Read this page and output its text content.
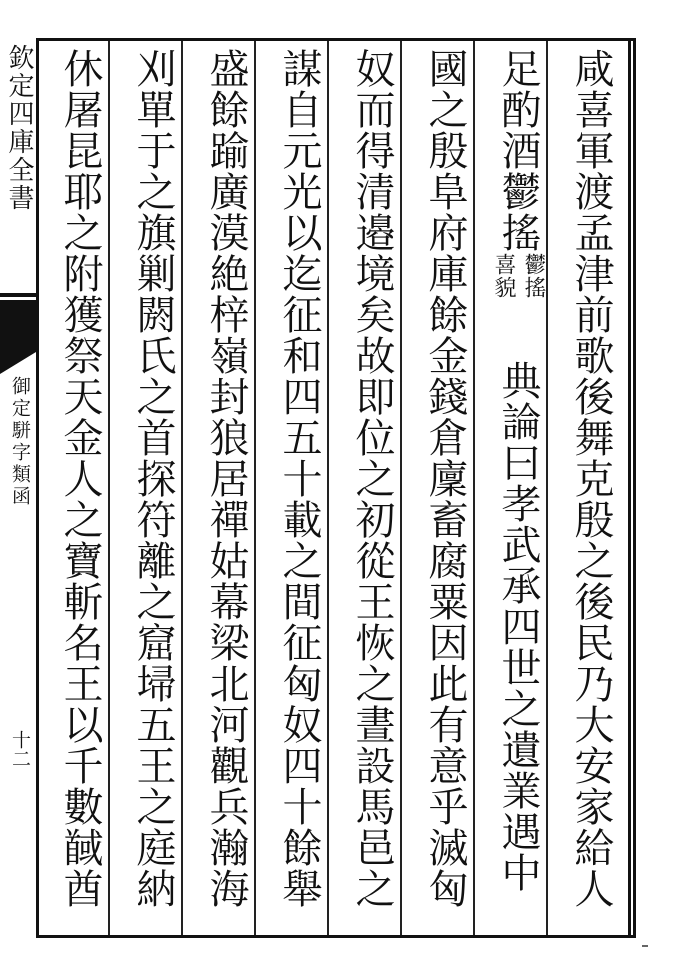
欽定四庫全書
御定駢字類函
十二	咸喜軍渡孟津前歌後舞克殷之後民乃大安家給人
足酌酒鬱搖
鬱搖
喜貌
典論曰孝武承四世之遺業遇中
國之殷阜府庫餘金錢倉廩畜腐粟因此有意乎滅匈
奴而得清邉境矣故即位之初從王恢之晝設馬邑之
謀自元光以迄征和四五十載之間征匈奴四十餘舉
盛餘踰廣漠絶梓嶺封狼居禪姑幕梁北河觀兵瀚海
刈單于之旗剿閼氏之首探符離之窟埽五王之庭納
休屠昆耶之附獲祭天金人之寶斬名王以千數馘酋
